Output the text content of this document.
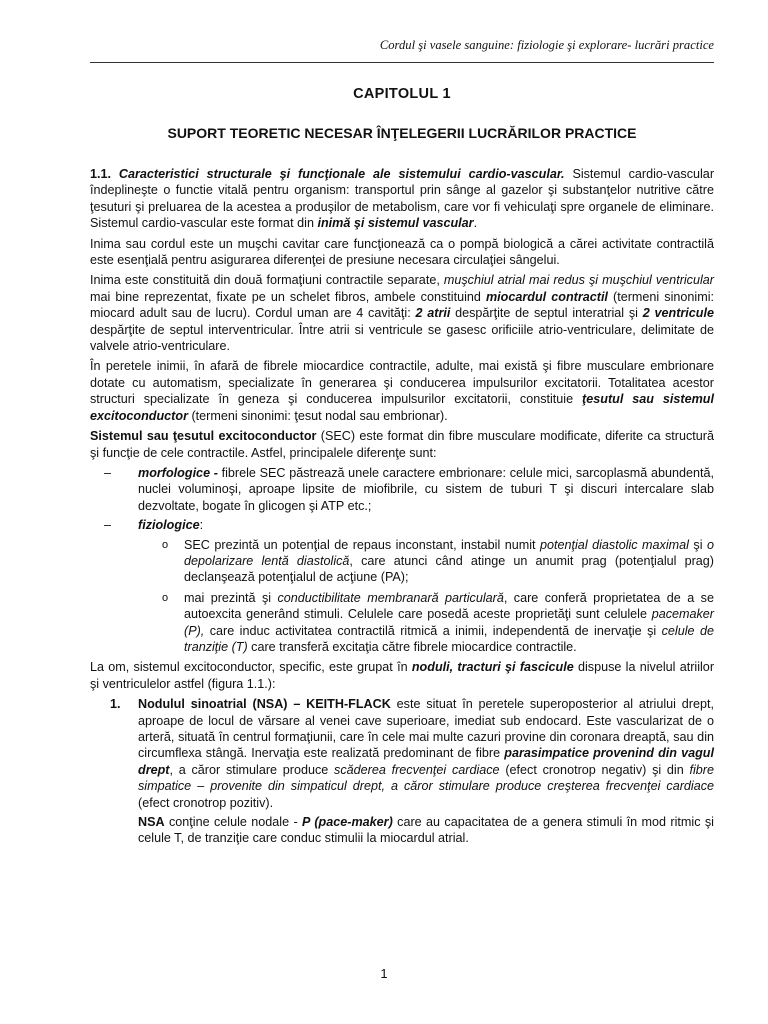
Cordul şi vasele sanguine: fiziologie şi explorare- lucrări practice
CAPITOLUL 1
SUPORT TEORETIC NECESAR ÎNŢELEGERII LUCRĂRILOR PRACTICE

1.1. Caracteristici structurale şi funcţionale ale sistemului cardio-vascular. Sistemul cardio-vascular îndeplineşte o functie vitală pentru organism: transportul prin sânge al gazelor şi substanţelor nutritive către ţesuturi şi preluarea de la acestea a produşilor de metabolism, care vor fi vehiculaţi spre organele de eliminare. Sistemul cardio-vascular este format din inimă şi sistemul vascular.

Inima sau cordul este un muşchi cavitar care funcţionează ca o pompă biologică a cărei activitate contractilă este esenţială pentru asigurarea diferenţei de presiune necesara circulaţiei sângelui.

Inima este constituită din două formaţiuni contractile separate, muşchiul atrial mai redus şi muşchiul ventricular mai bine reprezentat, fixate pe un schelet fibros, ambele constituind miocardul contractil (termeni sinonimi: miocard adult sau de lucru). Cordul uman are 4 cavităţi: 2 atrii despărţite de septul interatrial şi 2 ventricule despărţite de septul interventricular. Între atrii si ventricule se gasesc orificiile atrio-ventriculare, delimitate de valvele atrio-ventriculare.

În peretele inimii, în afară de fibrele miocardice contractile, adulte, mai există şi fibre musculare embrionare dotate cu automatism, specializate în generarea şi conducerea impulsurilor excitatorii. Totalitatea acestor structuri specializate în geneza şi conducerea impulsurilor excitatorii, constituie ţesutul sau sistemul excitoconductor (termeni sinonimi: ţesut nodal sau embrionar).

Sistemul sau ţesutul excitoconductor (SEC) este format din fibre musculare modificate, diferite ca structură şi funcţie de cele contractile. Astfel, principalele diferenţe sunt:

– morfologice - fibrele SEC păstrează unele caractere embrionare: celule mici, sarcoplasmă abundentă, nuclei voluminoşi, aproape lipsite de miofibrile, cu sistem de tuburi T şi discuri intercalare slab dezvoltate, bogate în glicogen şi ATP etc.;
– fiziologice:
o SEC prezintă un potenţial de repaus inconstant, instabil numit potenţial diastolic maximal şi o depolarizare lentă diastolică, care atunci când atinge un anumit prag (potenţialul prag) declanşează potenţialul de acţiune (PA);
o mai prezintă şi conductibilitate membranară particulară, care conferă proprietatea de a se autoexcita generând stimuli. Celulele care posedă aceste proprietăţi sunt celulele pacemaker (P), care induc activitatea contractilă ritmică a inimii, independentă de inervaţie şi celule de tranziţie (T) care transferă excitaţia către fibrele miocardice contractile.

La om, sistemul excitoconductor, specific, este grupat în noduli, tracturi şi fascicule dispuse la nivelul atriilor şi ventriculelor astfel (figura 1.1.):

1. Nodulul sinoatrial (NSA) – KEITH-FLACK este situat în peretele superoposterior al atriului drept, aproape de locul de vărsare al venei cave superioare, imediat sub endocard. Este vascularizat de o arteră, situată în centrul formaţiunii, care în cele mai multe cazuri provine din coronara dreaptă, sau din circumflexa stângă. Inervaţia este realizată predominant de fibre parasimpatice provenind din vagul drept, a căror stimulare produce scăderea frecvenţei cardiace (efect cronotrop negativ) şi din fibre simpatice – provenite din simpaticul drept, a căror stimulare produce creşterea frecvenţei cardiace (efect cronotrop pozitiv).

NSA conţine celule nodale - P (pace-maker) care au capacitatea de a genera stimuli în mod ritmic şi celule T, de tranziţie care conduc stimulii la miocardul atrial.

1
